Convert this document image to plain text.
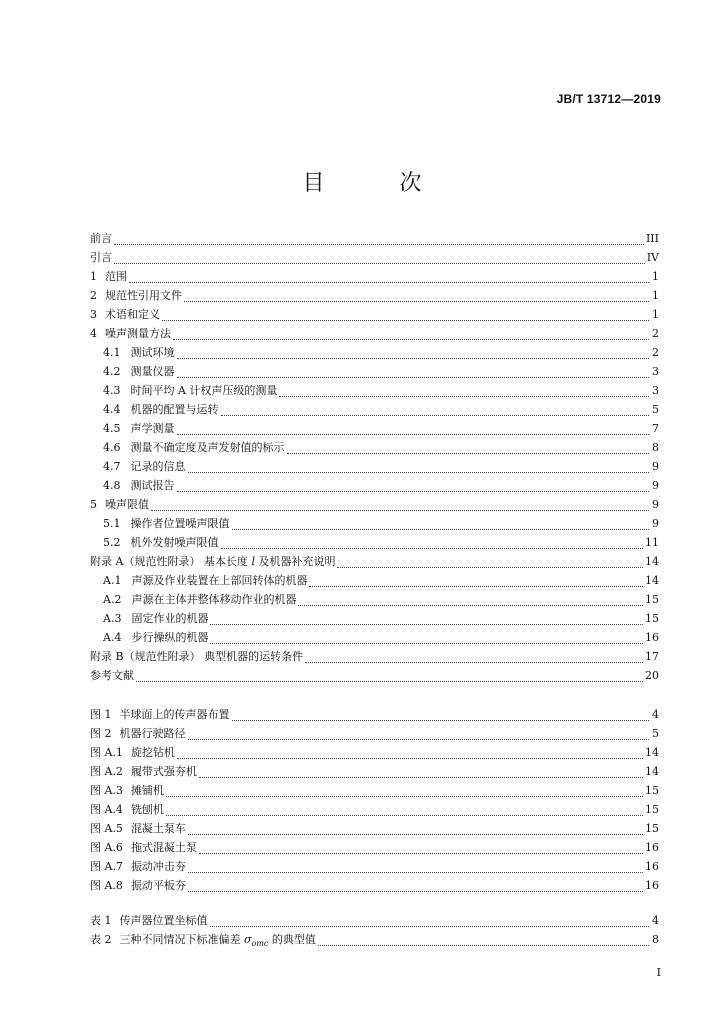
JB/T 13712—2019
目 次
前言	III
引言	IV
1 范围	1
2 规范性引用文件	1
3 术语和定义	1
4 噪声测量方法	2
4.1 测试环境	2
4.2 测量仪器	3
4.3 时间平均 A 计权声压级的测量	3
4.4 机器的配置与运转	5
4.5 声学测量	7
4.6 测量不确定度及声发射值的标示	8
4.7 记录的信息	9
4.8 测试报告	9
5 噪声限值	9
5.1 操作者位置噪声限值	9
5.2 机外发射噪声限值	11
附录 A（规范性附录） 基本长度 l 及机器补充说明	14
A.1 声源及作业装置在上部回转体的机器	14
A.2 声源在主体并整体移动作业的机器	15
A.3 固定作业的机器	15
A.4 步行操纵的机器	16
附录 B（规范性附录） 典型机器的运转条件	17
参考文献	20
图 1 半球面上的传声器布置	4
图 2 机器行驶路径	5
图 A.1 旋挖钻机	14
图 A.2 履带式强夯机	14
图 A.3 摊铺机	15
图 A.4 铣刨机	15
图 A.5 混凝土泵车	15
图 A.6 拖式混凝土泵	16
图 A.7 振动冲击夯	16
图 A.8 振动平板夯	16
表 1 传声器位置坐标值	4
表 2 三种不同情况下标准偏差 $\sigma_{omc}$ 的典型值	8
I
